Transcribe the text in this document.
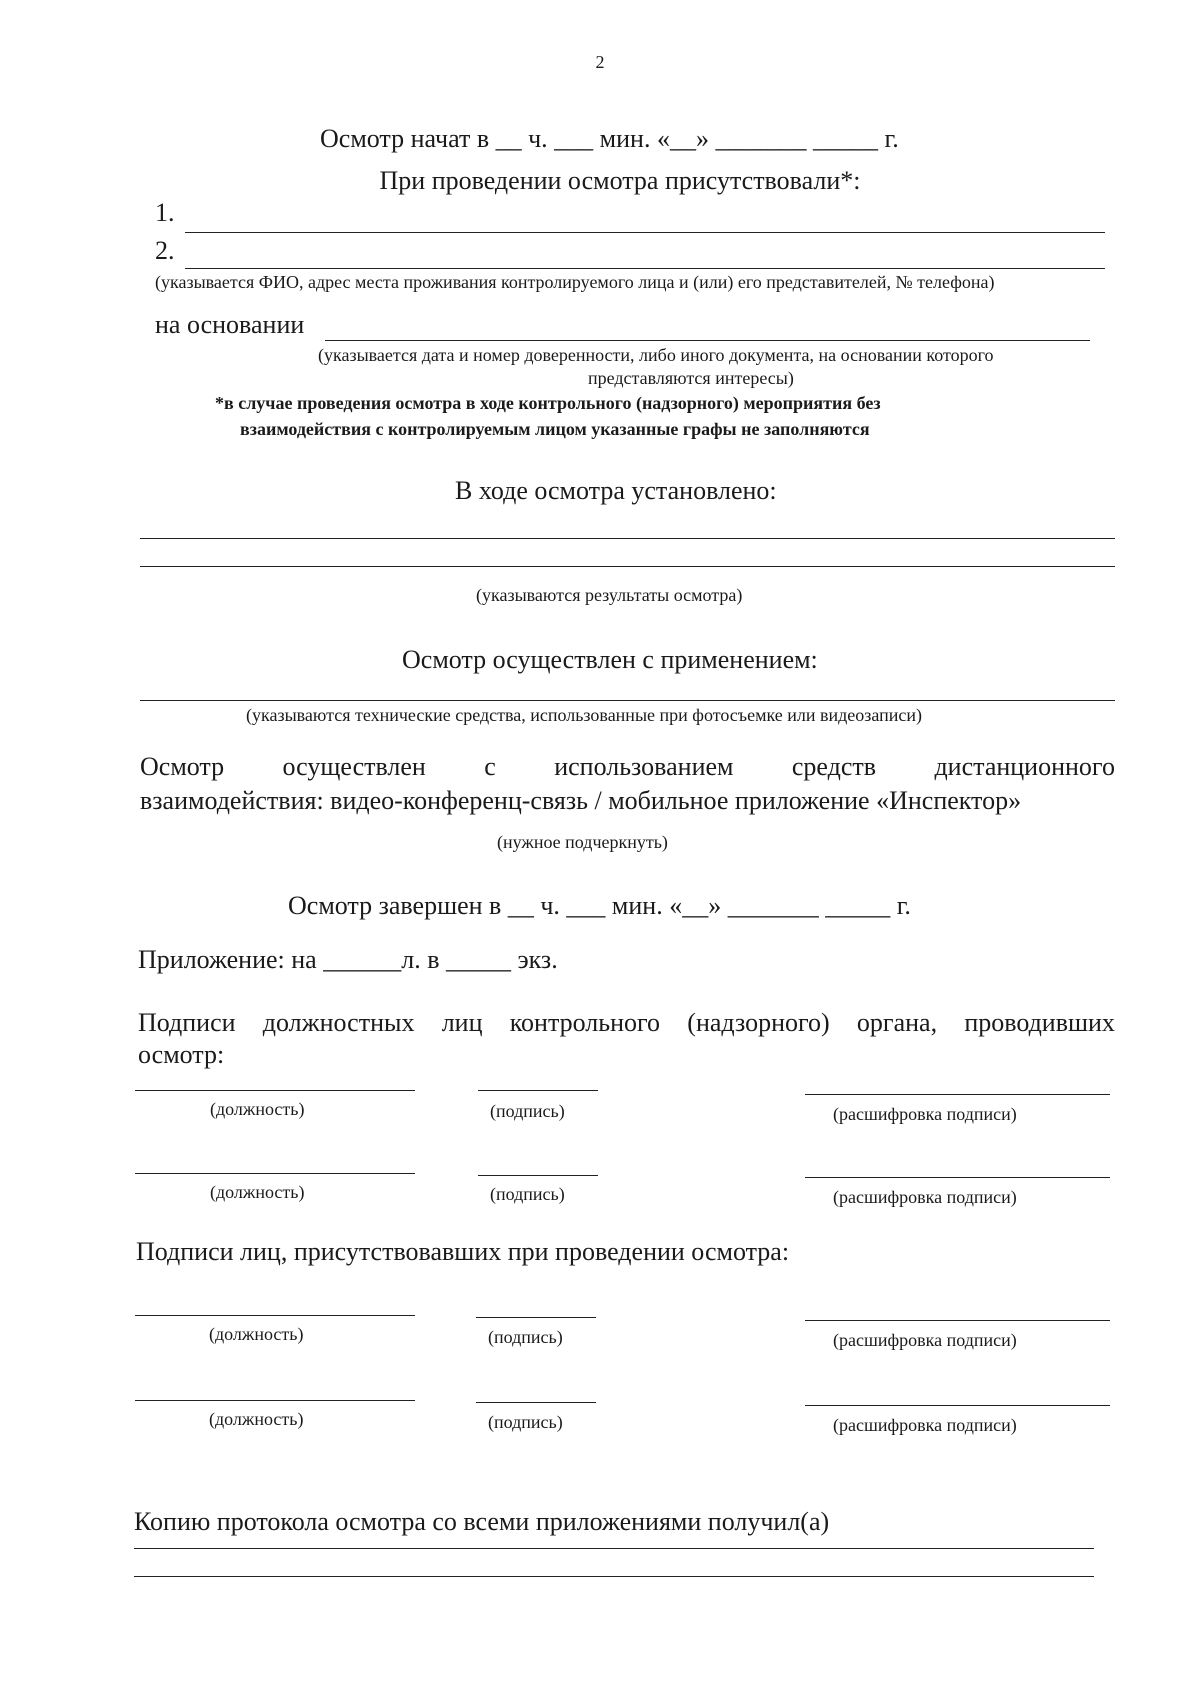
2
Осмотр начат в __ ч. ___ мин. «__» _______ _____ г.
При проведении осмотра присутствовали*:
1.
2.
(указывается ФИО, адрес места проживания контролируемого лица и (или) его представителей, № телефона)
на основании
(указывается дата и номер доверенности, либо иного документа, на основании которого
представляются интересы)
*в случае проведения осмотра в ходе контрольного (надзорного) мероприятия без
взаимодействия с контролируемым лицом указанные графы не заполняются
В ходе осмотра установлено:
(указываются результаты осмотра)
Осмотр осуществлен с применением:
(указываются технические средства, использованные при фотосъемке или видеозаписи)
Осмотр осуществлен с использованием средств дистанционного
взаимодействия: видео-конференц-связь / мобильное приложение «Инспектор»
(нужное подчеркнуть)
Осмотр завершен в __ ч. ___ мин. «__» _______ _____ г.
Приложение: на ______л. в _____ экз.
Подписи должностных лиц контрольного (надзорного) органа, проводивших
осмотр:
(должность)	(подпись)	(расшифровка подписи)
(должность)	(подпись)	(расшифровка подписи)
Подписи лиц, присутствовавших при проведении осмотра:
(должность)	(подпись)	(расшифровка подписи)
(должность)	(подпись)	(расшифровка подписи)
Копию протокола осмотра со всеми приложениями получил(а)
